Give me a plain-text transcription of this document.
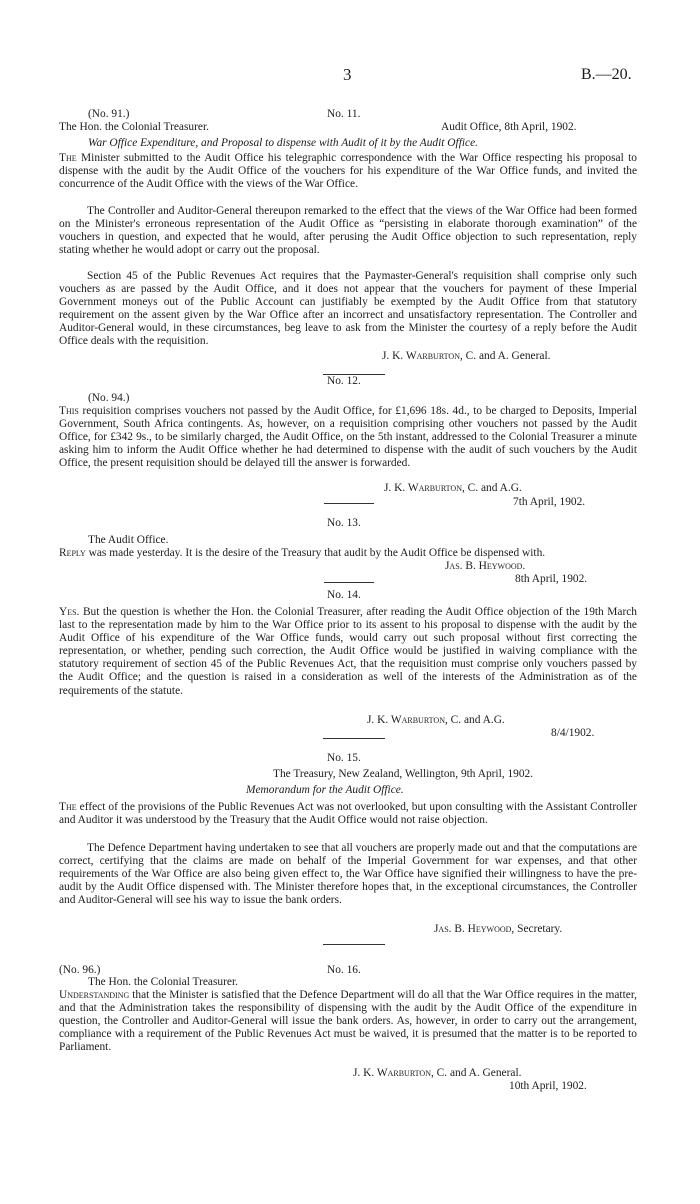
3	B.—20.
(No. 91.)	No. 11.
The Hon. the Colonial Treasurer.	Audit Office, 8th April, 1902.
War Office Expenditure, and Proposal to dispense with Audit of it by the Audit Office.
The Minister submitted to the Audit Office his telegraphic correspondence with the War Office respecting his proposal to dispense with the audit by the Audit Office of the vouchers for his expenditure of the War Office funds, and invited the concurrence of the Audit Office with the views of the War Office.
The Controller and Auditor-General thereupon remarked to the effect that the views of the War Office had been formed on the Minister's erroneous representation of the Audit Office as “persisting in elaborate thorough examination” of the vouchers in question, and expected that he would, after perusing the Audit Office objection to such representation, reply stating whether he would adopt or carry out the proposal.
Section 45 of the Public Revenues Act requires that the Paymaster-General's requisition shall comprise only such vouchers as are passed by the Audit Office, and it does not appear that the vouchers for payment of these Imperial Government moneys out of the Public Account can justifiably be exempted by the Audit Office from that statutory requirement on the assent given by the War Office after an incorrect and unsatisfactory representation. The Controller and Auditor-General would, in these circumstances, beg leave to ask from the Minister the courtesy of a reply before the Audit Office deals with the requisition.
J. K. Warburton, C. and A. General.
No. 12.
(No. 94.)
This requisition comprises vouchers not passed by the Audit Office, for £1,696 18s. 4d., to be charged to Deposits, Imperial Government, South Africa contingents. As, however, on a requisition comprising other vouchers not passed by the Audit Office, for £342 9s., to be similarly charged, the Audit Office, on the 5th instant, addressed to the Colonial Treasurer a minute asking him to inform the Audit Office whether he had determined to dispense with the audit of such vouchers by the Audit Office, the present requisition should be delayed till the answer is forwarded.
J. K. Warburton, C. and A.G.
7th April, 1902.
No. 13.
The Audit Office.
Reply was made yesterday. It is the desire of the Treasury that audit by the Audit Office be dispensed with.
Jas. B. Heywood.
8th April, 1902.
No. 14.
Yes. But the question is whether the Hon. the Colonial Treasurer, after reading the Audit Office objection of the 19th March last to the representation made by him to the War Office prior to its assent to his proposal to dispense with the audit by the Audit Office of his expenditure of the War Office funds, would carry out such proposal without first correcting the representation, or whether, pending such correction, the Audit Office would be justified in waiving compliance with the statutory requirement of section 45 of the Public Revenues Act, that the requisition must comprise only vouchers passed by the Audit Office; and the question is raised in a consideration as well of the interests of the Administration as of the requirements of the statute.
J. K. Warburton, C. and A.G.
8/4/1902.
No. 15.
The Treasury, New Zealand, Wellington, 9th April, 1902.
Memorandum for the Audit Office.
The effect of the provisions of the Public Revenues Act was not overlooked, but upon consulting with the Assistant Controller and Auditor it was understood by the Treasury that the Audit Office would not raise objection.
The Defence Department having undertaken to see that all vouchers are properly made out and that the computations are correct, certifying that the claims are made on behalf of the Imperial Government for war expenses, and that other requirements of the War Office are also being given effect to, the War Office have signified their willingness to have the pre-audit by the Audit Office dispensed with. The Minister therefore hopes that, in the exceptional circumstances, the Controller and Auditor-General will see his way to issue the bank orders.
Jas. B. Heywood, Secretary.
(No. 96.)	No. 16.
The Hon. the Colonial Treasurer.
Understanding that the Minister is satisfied that the Defence Department will do all that the War Office requires in the matter, and that the Administration takes the responsibility of dispensing with the audit by the Audit Office of the expenditure in question, the Controller and Auditor-General will issue the bank orders. As, however, in order to carry out the arrangement, compliance with a requirement of the Public Revenues Act must be waived, it is presumed that the matter is to be reported to Parliament.
J. K. Warburton, C. and A. General.
10th April, 1902.
